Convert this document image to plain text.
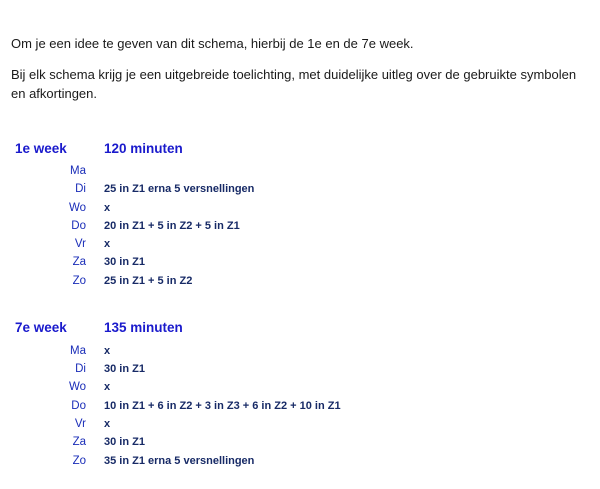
Om je een idee te geven van dit schema, hierbij de 1e en de 7e week.
Bij elk schema krijg je een uitgebreide toelichting, met duidelijke uitleg over de gebruikte symbolen en afkortingen.
1e week	120 minuten
Ma
Di 25 in Z1 erna 5 versnellingen
Wo x
Do 20 in Z1 + 5 in Z2 + 5 in Z1
Vr x
Za 30 in Z1
Zo 25 in Z1 + 5 in Z2
7e week	135 minuten
Ma x
Di 30 in Z1
Wo x
Do 10 in Z1 + 6 in Z2 + 3 in Z3 + 6 in Z2 + 10 in Z1
Vr x
Za 30 in Z1
Zo 35 in Z1 erna 5 versnellingen
